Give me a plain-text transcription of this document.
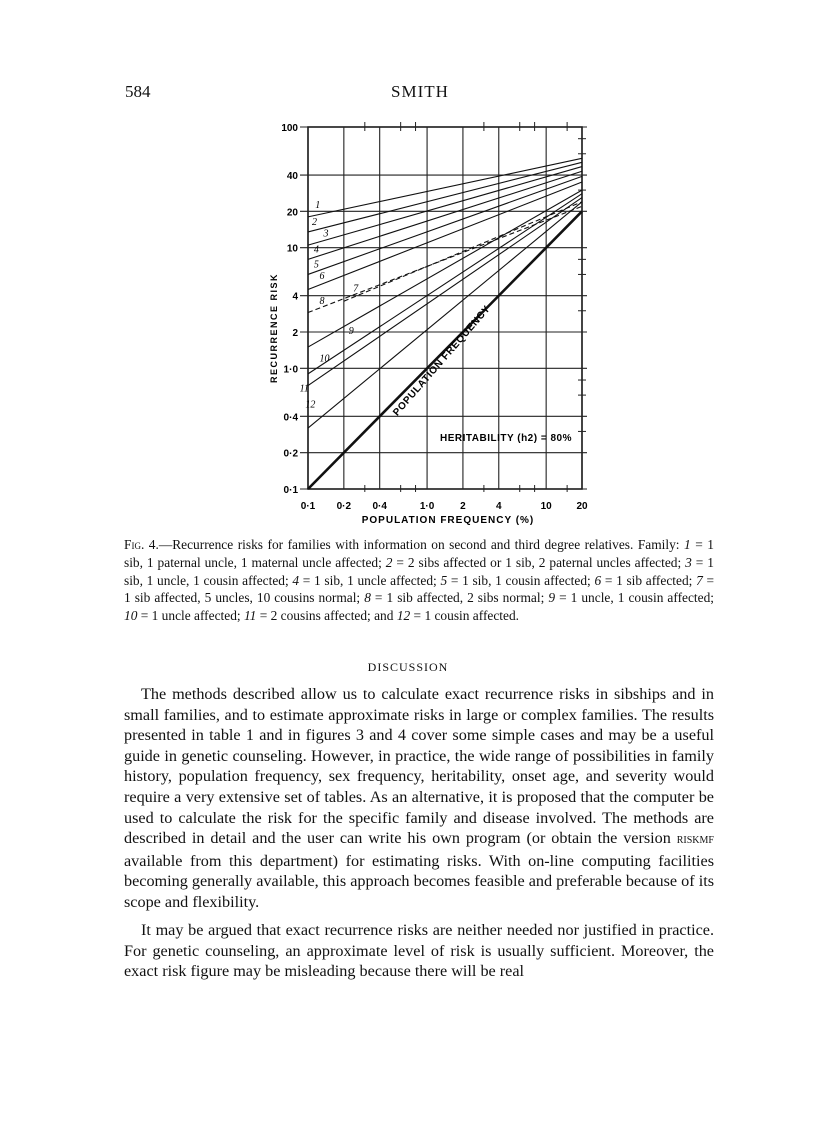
584	SMITH
0·1 0·2 0·4	1·0	2	4	10 20
0·1
0·2
0·4
1·0
2
4
10
20
40
100
1
2
3
4
5
6
7
8
9
10
11
12	POPULATION FREQUENCY
HERITABILITY (h2) = 80%
POPULATION FREQUENCY (%)
RECURRENCE RISK
Fig. 4.—Recurrence risks for families with information on second and third degree relatives. Family: 1 = 1 sib, 1 paternal uncle, 1 maternal uncle affected; 2 = 2 sibs affected or 1 sib, 2 paternal uncles affected; 3 = 1 sib, 1 uncle, 1 cousin affected; 4 = 1 sib, 1 uncle affected; 5 = 1 sib, 1 cousin affected; 6 = 1 sib affected; 7 = 1 sib affected, 5 uncles, 10 cousins normal; 8 = 1 sib affected, 2 sibs normal; 9 = 1 uncle, 1 cousin affected; 10 = 1 uncle affected; 11 = 2 cousins affected; and 12 = 1 cousin affected.
DISCUSSION

The methods described allow us to calculate exact recurrence risks in sibships and in small families, and to estimate approximate risks in large or complex families. The results presented in table 1 and in figures 3 and 4 cover some simple cases and may be a useful guide in genetic counseling. However, in practice, the wide range of possibilities in family history, population frequency, sex frequency, heritability, onset age, and severity would require a very extensive set of tables. As an alternative, it is proposed that the computer be used to calculate the risk for the specific family and disease involved. The methods are described in detail and the user can write his own program (or obtain the version riskmf available from this department) for estimating risks. With on-line computing facilities becoming generally available, this approach becomes feasible and preferable because of its scope and flexibility.

It may be argued that exact recurrence risks are neither needed nor justified in practice. For genetic counseling, an approximate level of risk is usually sufficient. Moreover, the exact risk figure may be misleading because there will be real
